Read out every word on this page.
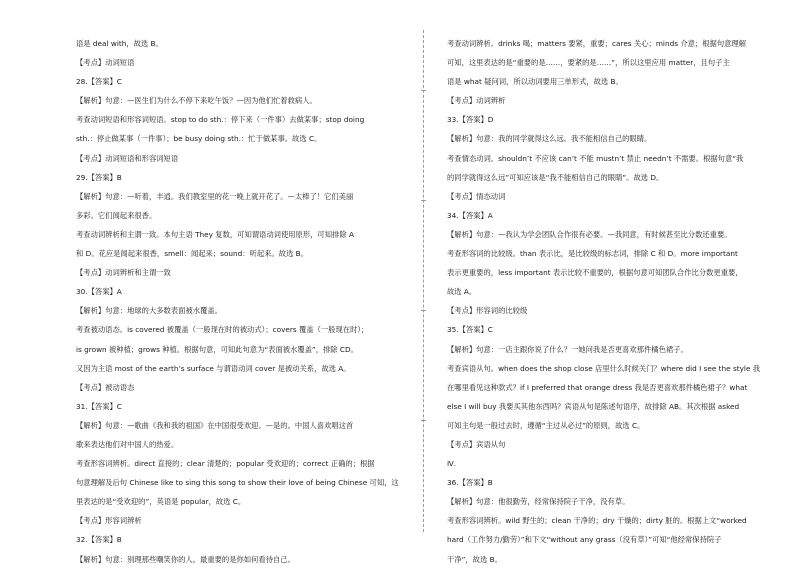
语是 deal with，故选 B。
【考点】动词短语
28.【答案】C
【解析】句意：—医生们为什么不停下来吃午饭？—因为他们忙着救病人。
考查动词短语和形容词短语。stop to do sth.：停下来（一件事）去做某事；stop doing
sth.：停止做某事（一件事）；be busy doing sth.：忙于做某事。故选 C。
【考点】动词短语和形容词短语
29.【答案】B
【解析】句意：—听着，丰逍。我们教室里的花一晚上就开花了。—太棒了！它们美丽
多彩。它们闻起来很香。
考查动词辨析和主谓一致。本句主语 They 复数，可知谓语动词使用原形，可知排除 A
和 D。花应是闻起来很香，smell：闻起来；sound：听起来。故选 B。
【考点】动词辨析和主谓一致
30.【答案】A
【解析】句意：地球的大多数表面被水覆盖。
考查被动语态。is covered 被覆盖（一般现在时的被动式）；covers 覆盖（一般现在时）；
is grown 被种植；grows 种植。根据句意，可知此句意为“表面被水覆盖”，排除 CD。
又因为主语 most of the earth’s surface 与谓语动词 cover 是被动关系，故选 A。
【考点】被动语态
31.【答案】C
【解析】句意：—歌曲《我和我的祖国》在中国很受欢迎。—是的。中国人喜欢唱这首
歌来表达他们对中国人的热爱。
考查形容词辨析。direct 直接的；clear 清楚的；popular 受欢迎的；correct 正确的；根据
句意理解及后句 Chinese like to sing this song to show their love of being Chinese 可知，这
里表达的是“受欢迎的”，英语是 popular，故选 C。
【考点】形容词辨析
32.【答案】B
【解析】句意：别理那些嘲笑你的人。最重要的是你如何看待自己。
考查动词辨析。drinks 喝；matters 要紧，重要；cares 关心；minds 介意；根据句意理解
可知，这里表达的是“重要的是……，要紧的是……”，所以这里应用 matter，且句子主
语是 what 疑问词，所以动词要用三单形式，故选 B。
【考点】动词辨析
33.【答案】D
【解析】句意：我的同学就得这么远。我不能相信自己的眼睛。
考查情态动词。shouldn’t 不应该 can’t 不能 mustn’t 禁止 needn’t 不需要。根据句意“我
的同学就得这么远”可知应该是“我不能相信自己的眼睛”。故选 D。
【考点】情态动词
34.【答案】A
【解析】句意：—我认为学会团队合作很有必要。—我同意，有时候甚至比分数还重要。
考查形容词的比较级。than 表示比，是比较级的标志词，排除 C 和 D。more important
表示更重要的，less important 表示比较不重要的，根据句意可知团队合作比分数更重要，
故选 A。
【考点】形容词的比较级
35.【答案】C
【解析】句意：一店主跟你说了什么？一她问我是否更喜欢那件橘色裙子。
考查宾语从句。when does the shop close 店里什么时候关门？where did I see the style 我
在哪里看见这种款式？if I preferred that orange dress 我是否更喜欢那件橘色裙子？what
else I will buy 我要买其他东西吗？宾语从句是陈述句语序，故排除 AB。其次根据 asked
可知主句是一般过去时，遵循“主过从必过”的原则，故选 C。
【考点】宾语从句
Ⅳ.
36.【答案】B
【解析】句意：他很勤劳，经常保持院子干净，没有草。
考查形容词辨析。wild 野生的；clean 干净的；dry 干燥的；dirty 脏的。根据上文“worked
hard（工作努力/勤劳）”和下文“without any grass（没有草）”可知“他经常保持院子
干净”，故选 B。
